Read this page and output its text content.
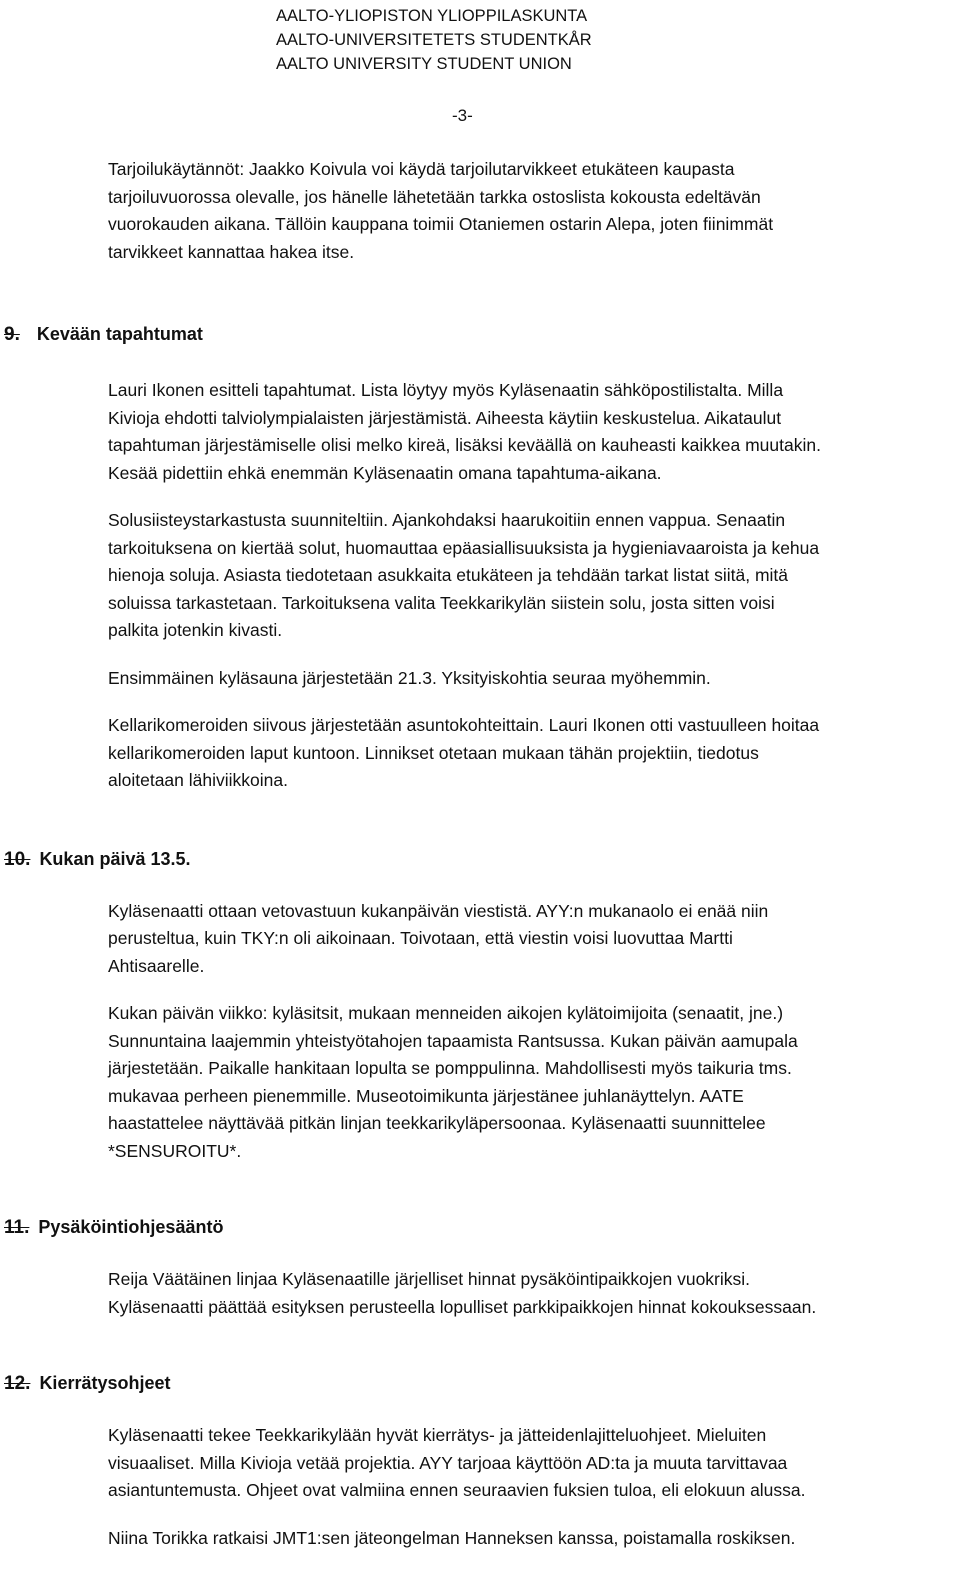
AALTO-YLIOPISTON YLIOPPILASKUNTA
AALTO-UNIVERSITETETS STUDENTKÅR
AALTO UNIVERSITY STUDENT UNION
-3-

Tarjoilukäytännöt: Jaakko Koivula voi käydä tarjoilutarvikkeet etukäteen kaupasta

tarjoiluvuorossa olevalle, jos hänelle lähetetään tarkka ostoslista kokousta edeltävän

vuorokauden aikana. Tällöin kauppana toimii Otaniemen ostarin Alepa, joten fiinimmät

tarvikkeet kannattaa hakea itse.

9. Kevään tapahtumat

Lauri Ikonen esitteli tapahtumat. Lista löytyy myös Kyläsenaatin sähköpostilistalta. Milla

Kivioja ehdotti talviolympialaisten järjestämistä. Aiheesta käytiin keskustelua. Aikataulut

tapahtuman järjestämiselle olisi melko kireä, lisäksi keväällä on kauheasti kaikkea muutakin.

Kesää pidettiin ehkä enemmän Kyläsenaatin omana tapahtuma-aikana.

Solusiisteystarkastusta suunniteltiin. Ajankohdaksi haarukoitiin ennen vappua. Senaatin

tarkoituksena on kiertää solut, huomauttaa epäasiallisuuksista ja hygieniavaaroista ja kehua

hienoja soluja. Asiasta tiedotetaan asukkaita etukäteen ja tehdään tarkat listat siitä, mitä

soluissa tarkastetaan. Tarkoituksena valita Teekkarikylän siistein solu, josta sitten voisi

palkita jotenkin kivasti.

Ensimmäinen kyläsauna järjestetään 21.3. Yksityiskohtia seuraa myöhemmin.

Kellarikomeroiden siivous järjestetään asuntokohteittain. Lauri Ikonen otti vastuulleen hoitaa

kellarikomeroiden laput kuntoon. Linnikset otetaan mukaan tähän projektiin, tiedotus

aloitetaan lähiviikkoina.

10. Kukan päivä 13.5.

Kyläsenaatti ottaan vetovastuun kukanpäivän viestistä. AYY:n mukanaolo ei enää niin

perusteltua, kuin TKY:n oli aikoinaan. Toivotaan, että viestin voisi luovuttaa Martti

Ahtisaarelle.

Kukan päivän viikko: kyläsitsit, mukaan menneiden aikojen kylätoimijoita (senaatit, jne.)

Sunnuntaina laajemmin yhteistyötahojen tapaamista Rantsussa. Kukan päivän aamupala

järjestetään. Paikalle hankitaan lopulta se pomppulinna. Mahdollisesti myös taikuria tms.

mukavaa perheen pienemmille. Museotoimikunta järjestänee juhlanäyttelyn. AATE

haastattelee näyttävää pitkän linjan teekkarikyläpersoonaa. Kyläsenaatti suunnittelee

*SENSUROITU*.

11. Pysäköintiohjesääntö

Reija Väätäinen linjaa Kyläsenaatille järjelliset hinnat pysäköintipaikkojen vuokriksi.

Kyläsenaatti päättää esityksen perusteella lopulliset parkkipaikkojen hinnat kokouksessaan.

12. Kierrätysohjeet

Kyläsenaatti tekee Teekkarikylään hyvät kierrätys- ja jätteidenlajitteluohjeet. Mieluiten

visuaaliset. Milla Kivioja vetää projektia. AYY tarjoaa käyttöön AD:ta ja muuta tarvittavaa

asiantuntemusta. Ohjeet ovat valmiina ennen seuraavien fuksien tuloa, eli elokuun alussa.

Niina Torikka ratkaisi JMT1:sen jäteongelman Hanneksen kanssa, poistamalla roskiksen.
